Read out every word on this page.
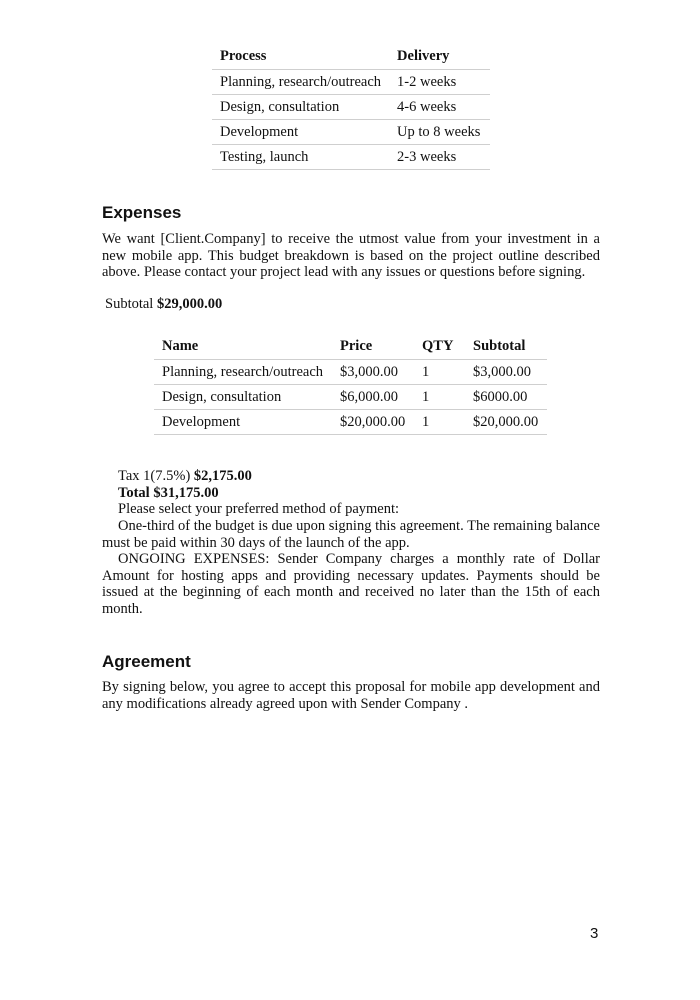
Process	Delivery
Planning, research/outreach	1-2 weeks
Design, consultation	4-6 weeks
Development	Up to 8 weeks
Testing, launch	2-3 weeks
Expenses

We want [Client.Company] to receive the utmost value from your investment in a new mobile app. This budget breakdown is based on the project outline described above. Please contact your project lead with any issues or questions before signing.

Subtotal $29,000.00

Name	Price	QTY	Subtotal
Planning, research/outreach	$3,000.00	1	$3,000.00
Design, consultation	$6,000.00	1	$6000.00
Development	$20,000.00	1	$20,000.00

Tax 1(7.5%) $2,175.00

Total $31,175.00

Please select your preferred method of payment:

One-third of the budget is due upon signing this agreement. The remaining balance must be paid within 30 days of the launch of the app.

ONGOING EXPENSES: Sender Company charges a monthly rate of Dollar Amount for hosting apps and providing necessary updates. Payments should be issued at the beginning of each month and received no later than the 15th of each month.

Agreement

By signing below, you agree to accept this proposal for mobile app development and any modifications already agreed upon with Sender Company .

3
